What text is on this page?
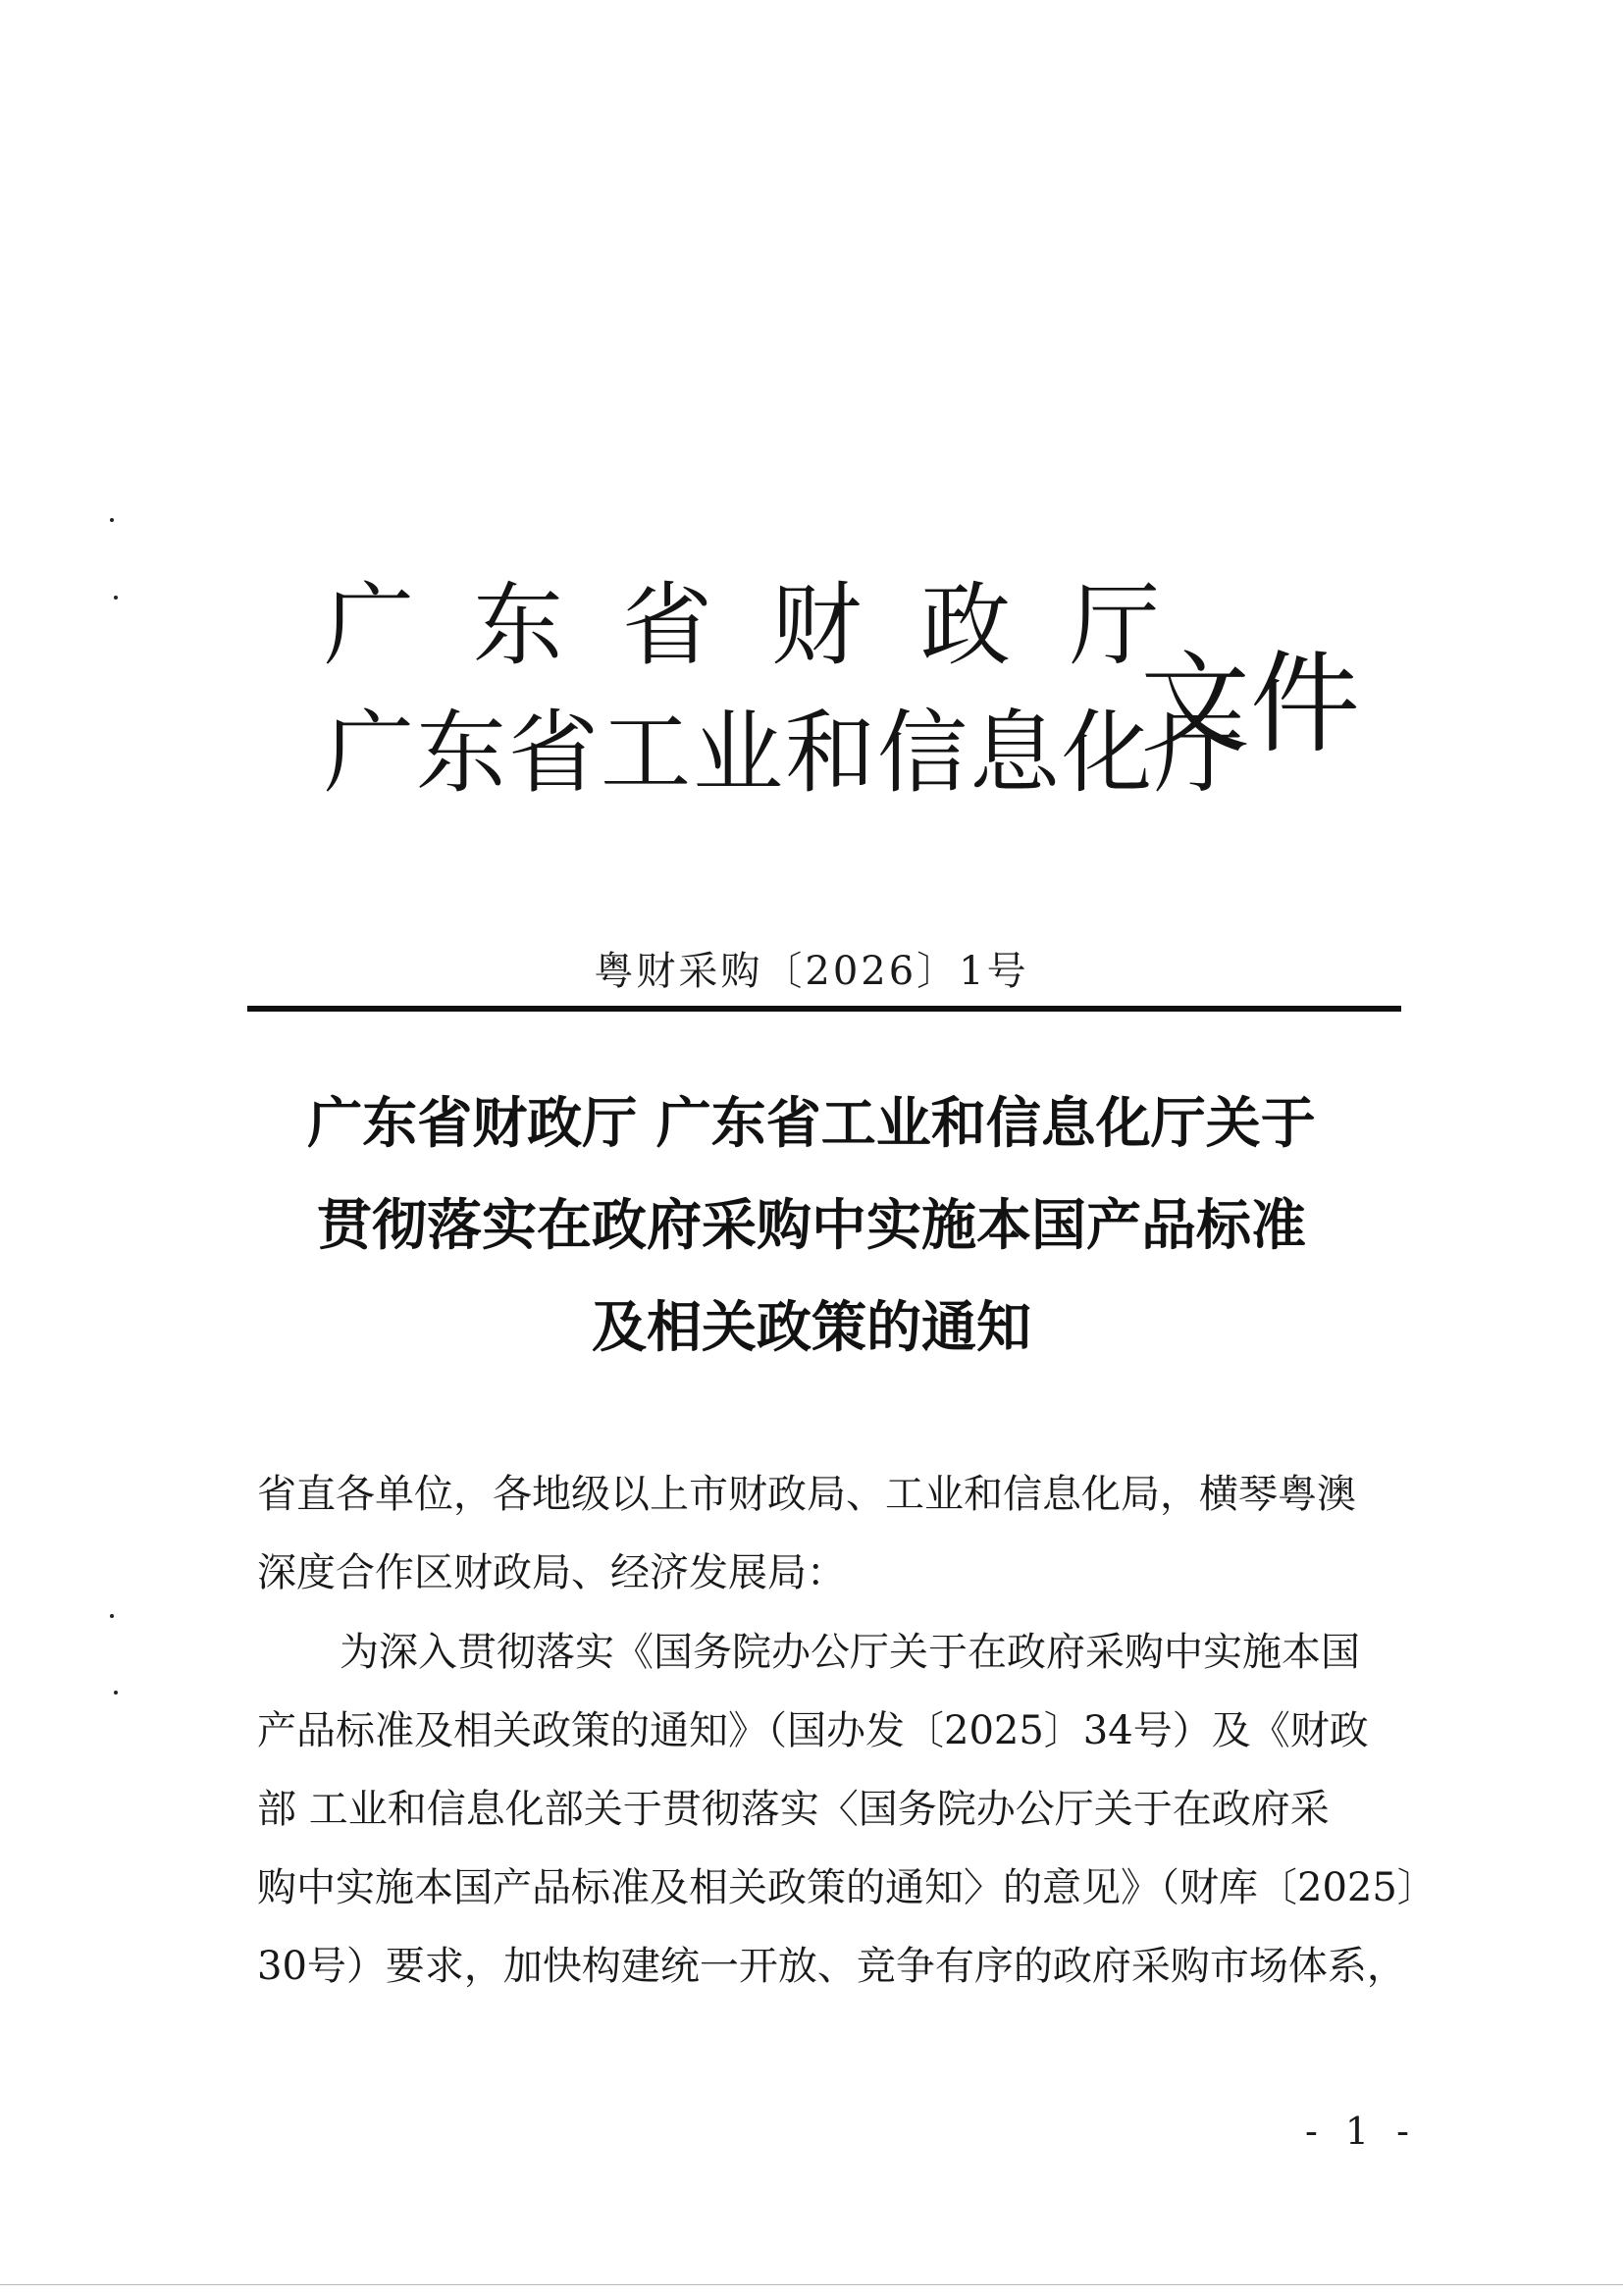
广东省财政厅
广东省工业和信息化厅
文件
粤财采购〔2026〕1号
广东省财政厅 广东省工业和信息化厅关于
贯彻落实在政府采购中实施本国产品标准
及相关政策的通知
省直各单位，各地级以上市财政局、工业和信息化局，横琴粤澳
深度合作区财政局、经济发展局：
为深入贯彻落实《国务院办公厅关于在政府采购中实施本国
产品标准及相关政策的通知》（国办发〔2025〕34号）及《财政
部 工业和信息化部关于贯彻落实〈国务院办公厅关于在政府采
购中实施本国产品标准及相关政策的通知〉的意见》（财库〔2025〕
30号）要求，加快构建统一开放、竞争有序的政府采购市场体系，
- 1 -
